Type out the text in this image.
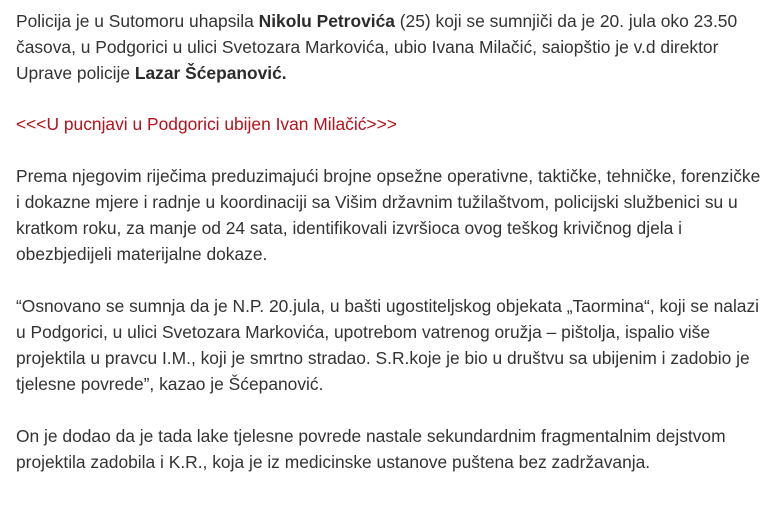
Policija je u Sutomoru uhapsila Nikolu Petrovića (25) koji se sumnjiči da je 20. jula oko 23.50 časova, u Podgorici u ulici Svetozara Markovića, ubio Ivana Milačić, saiopštio je v.d direktor Uprave policije Lazar Šćepanović.

<<<U pucnjavi u Podgorici ubijen Ivan Milačić>>>

Prema njegovim riječima preduzimajući brojne opsežne operativne, taktičke, tehničke, forenzičke i dokazne mjere i radnje u koordinaciji sa Višim državnim tužilaštvom, policijski službenici su u kratkom roku, za manje od 24 sata, identifikovali izvršioca ovog teškog krivičnog djela i obezbjedijeli materijalne dokaze.

“Osnovano se sumnja da je N.P. 20.jula, u bašti ugostiteljskog objekata „Taormina“, koji se nalazi u Podgorici, u ulici Svetozara Markovića, upotrebom vatrenog oružja – pištolja, ispalio više projektila u pravcu I.M., koji je smrtno stradao. S.R.koje je bio u društvu sa ubijenim i zadobio je tjelesne povrede”, kazao je Šćepanović.

On je dodao da je tada lake tjelesne povrede nastale sekundardnim fragmentalnim dejstvom projektila zadobila i K.R., koja je iz medicinske ustanove puštena bez zadržavanja.
